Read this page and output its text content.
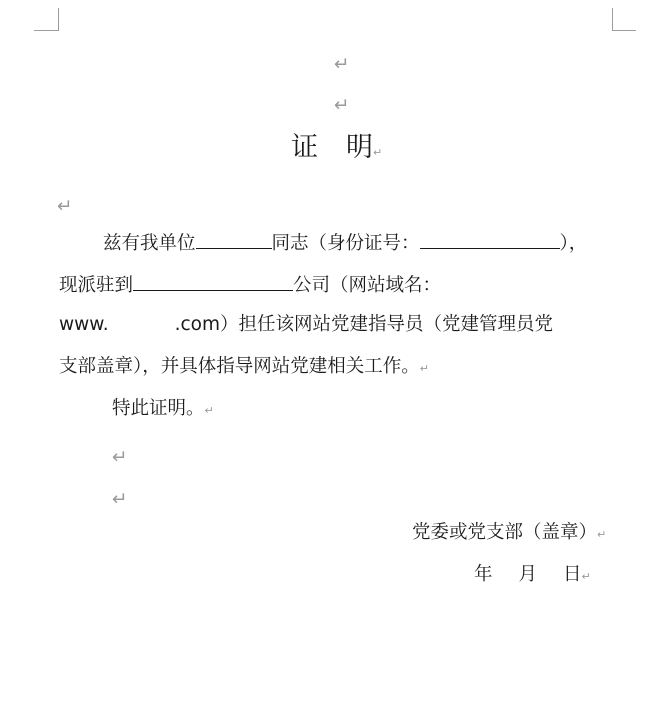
↵
↵
证 明↵
↵
兹有我单位	同志（身份证号：	），
现派驻到	公司（网站域名：
www.	.com）担任该网站党建指导员（党建管理员党
支部盖章），并具体指导网站党建相关工作。↵
特此证明。↵
↵
↵
党委或党支部（盖章）↵
年 月 日↵
